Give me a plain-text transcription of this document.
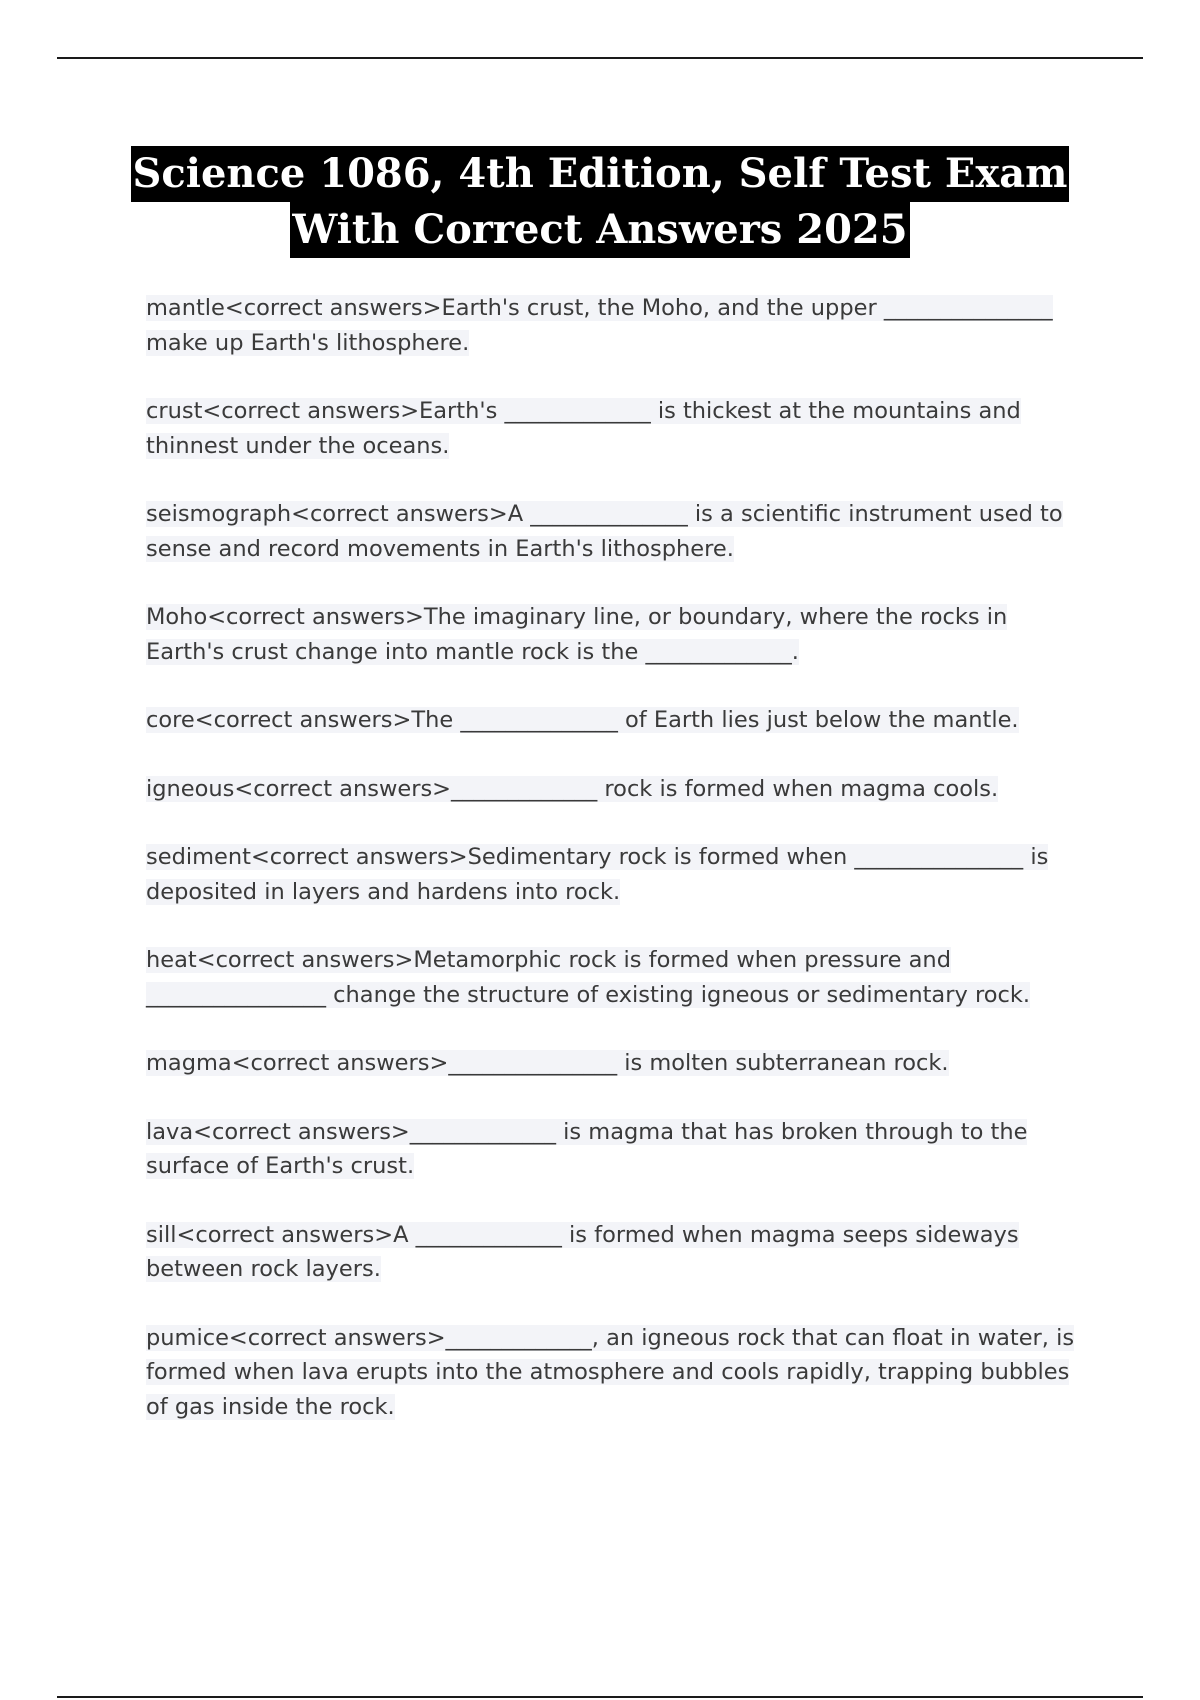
Science 1086, 4th Edition, Self Test Exam
With Correct Answers 2025

mantle<correct answers>Earth's crust, the Moho, and the upper _______________ make up Earth's lithosphere.

crust<correct answers>Earth's _____________ is thickest at the mountains and thinnest under the oceans.

seismograph<correct answers>A ______________ is a scientific instrument used to sense and record movements in Earth's lithosphere.

Moho<correct answers>The imaginary line, or boundary, where the rocks in Earth's crust change into mantle rock is the _____________.

core<correct answers>The ______________ of Earth lies just below the mantle.

igneous<correct answers>_____________ rock is formed when magma cools.

sediment<correct answers>Sedimentary rock is formed when _______________ is deposited in layers and hardens into rock.

heat<correct answers>Metamorphic rock is formed when pressure and ________________ change the structure of existing igneous or sedimentary rock.

magma<correct answers>_______________ is molten subterranean rock.

lava<correct answers>_____________ is magma that has broken through to the surface of Earth's crust.

sill<correct answers>A _____________ is formed when magma seeps sideways between rock layers.

pumice<correct answers>_____________, an igneous rock that can float in water, is formed when lava erupts into the atmosphere and cools rapidly, trapping bubbles of gas inside the rock.
